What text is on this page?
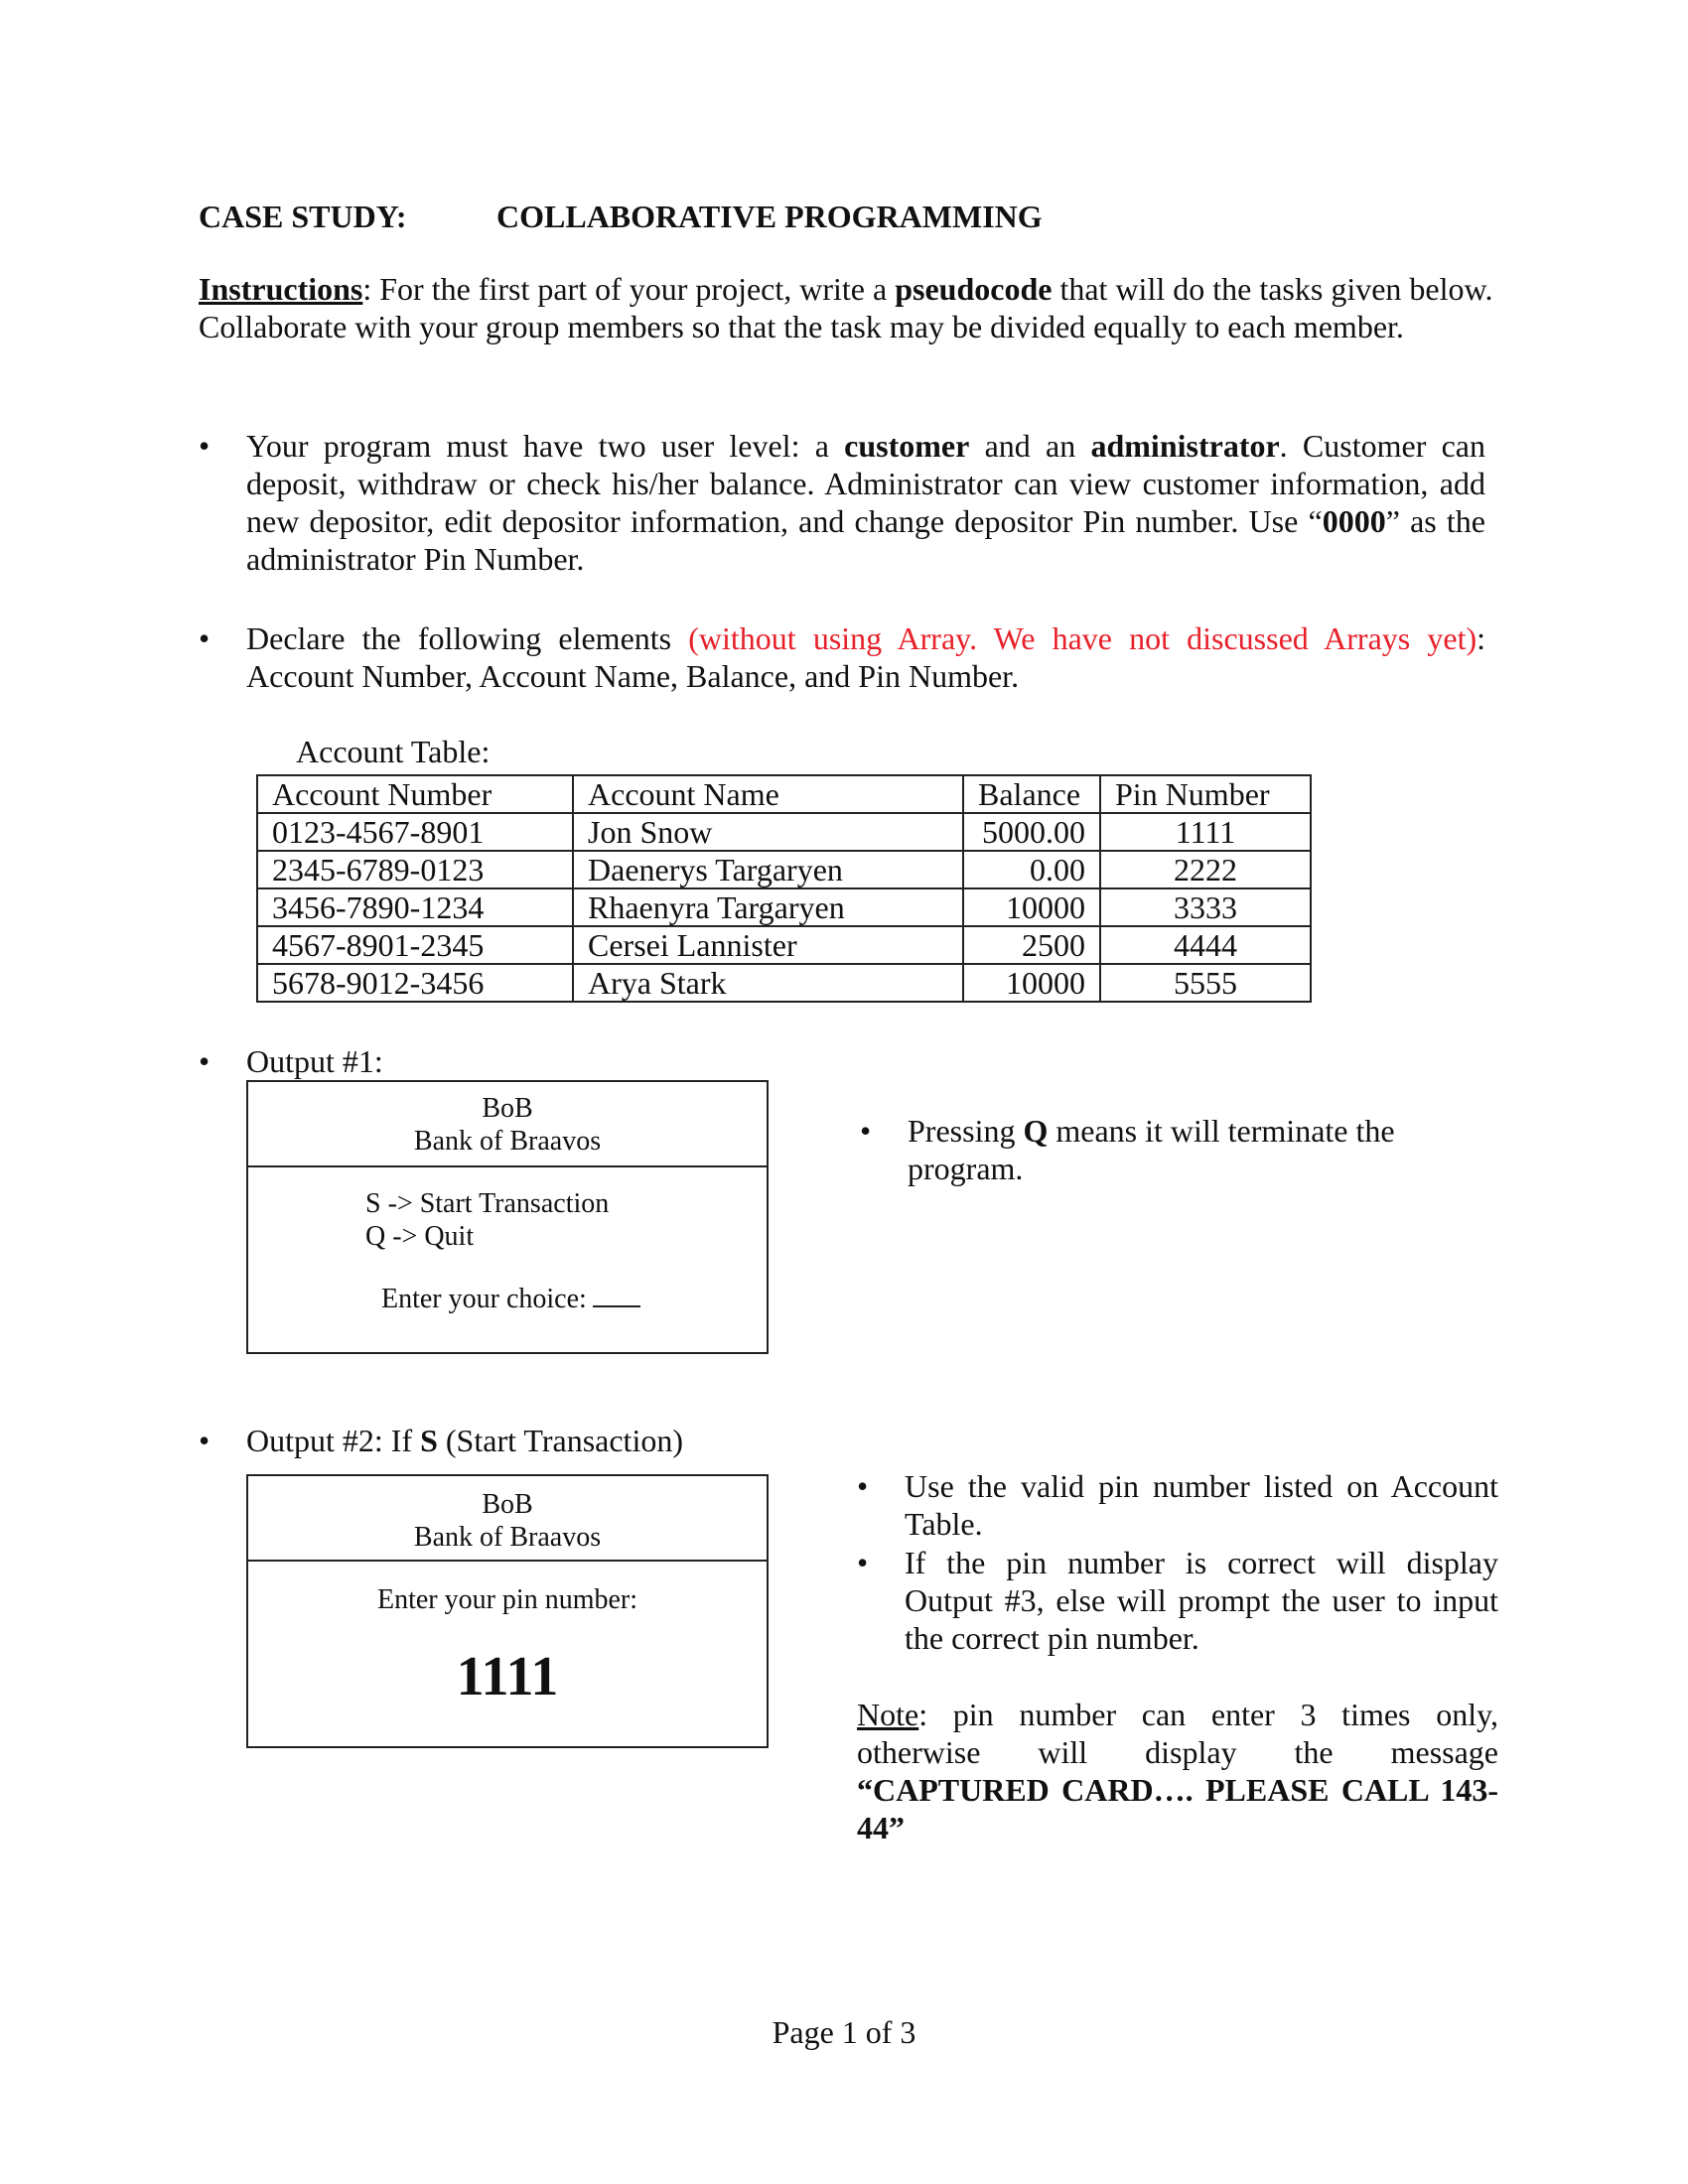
CASE STUDY:	COLLABORATIVE PROGRAMMING
Instructions: For the first part of your project, write a pseudocode that will do the tasks given below. Collaborate with your group members so that the task may be divided equally to each member.
• Your program must have two user level: a customer and an administrator. Customer can deposit, withdraw or check his/her balance. Administrator can view customer information, add new depositor, edit depositor information, and change depositor Pin number. Use “0000” as the administrator Pin Number.
• Declare the following elements (without using Array. We have not discussed Arrays yet): Account Number, Account Name, Balance, and Pin Number.
Account Table:
Account Number	Account Name	Balance	Pin Number
0123-4567-8901	Jon Snow	5000.00	1111
2345-6789-0123	Daenerys Targaryen	0.00	2222
3456-7890-1234	Rhaenyra Targaryen	10000	3333
4567-8901-2345	Cersei Lannister	2500	4444
5678-9012-3456	Arya Stark	10000	5555
• Output #1:
BoB
Bank of Braavos
S -> Start Transaction
Q -> Quit
Enter your choice:
• Pressing Q means it will terminate the program.
• Output #2: If S (Start Transaction)
BoB
Bank of Braavos
Enter your pin number:
1111
• Use the valid pin number listed on Account Table.
• If the pin number is correct will display Output #3, else will prompt the user to input the correct pin number.
Note: pin number can enter 3 times only, otherwise will display the message “CAPTURED CARD…. PLEASE CALL 143-44”
Page 1 of 3
